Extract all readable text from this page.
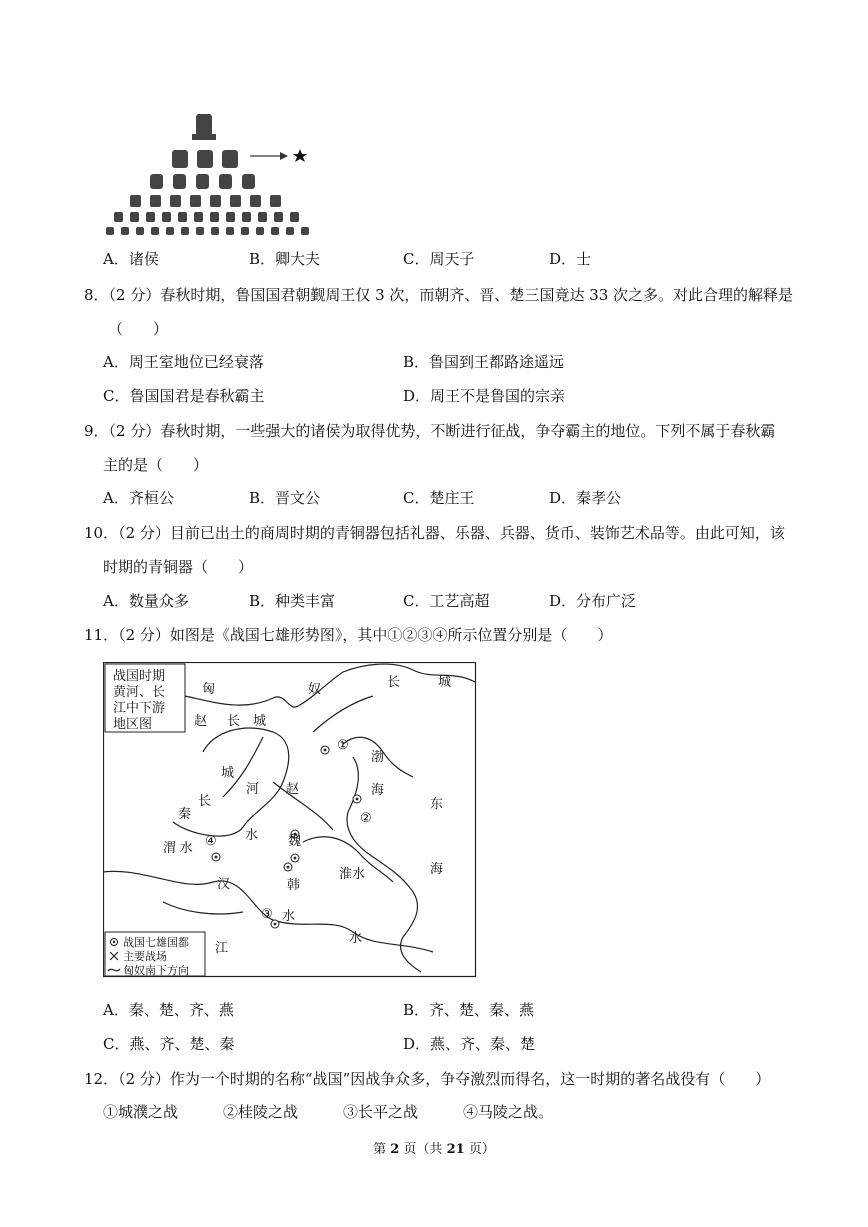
A．诸侯	B．卿大夫	C．周天子	D．士
8．（2 分）春秋时期，鲁国国君朝觐周王仅 3 次，而朝齐、晋、楚三国竟达 33 次之多。对此合理的解释是
（　　）
A．周王室地位已经衰落	B．鲁国到王都路途遥远
C．鲁国国君是春秋霸主	D．周王不是鲁国的宗亲
9．（2 分）春秋时期，一些强大的诸侯为取得优势，不断进行征战，争夺霸主的地位。下列不属于春秋霸
主的是（　　）
A．齐桓公	B．晋文公	C．楚庄王	D．秦孝公
10．（2 分）目前已出土的商周时期的青铜器包括礼器、乐器、兵器、货币、装饰艺术品等。由此可知，该
时期的青铜器（　　）
A．数量众多	B．种类丰富	C．工艺高超	D．分布广泛
11．（2 分）如图是《战国七雄形势图》，其中①②③④所示位置分别是（　　）
战国时期
黄河、长
江中下游
地区图
①
②
③
④
匈	奴	长	城
赵 长 城
渤
海
城
河 赵
长
秦
东
渭 水
水 魏
淮水	海
汉	韩
水
水
江
战国七雄国都
主要战场
匈奴南下方向
A．秦、楚、齐、燕	B．齐、楚、秦、燕
C．燕、齐、楚、秦	D．燕、齐、秦、楚
12．（2 分）作为一个时期的名称“战国”因战争众多，争夺激烈而得名，这一时期的著名战役有（　　）
①城濮之战	②桂陵之战	③长平之战	④马陵之战。
第 2 页（共 21 页）
